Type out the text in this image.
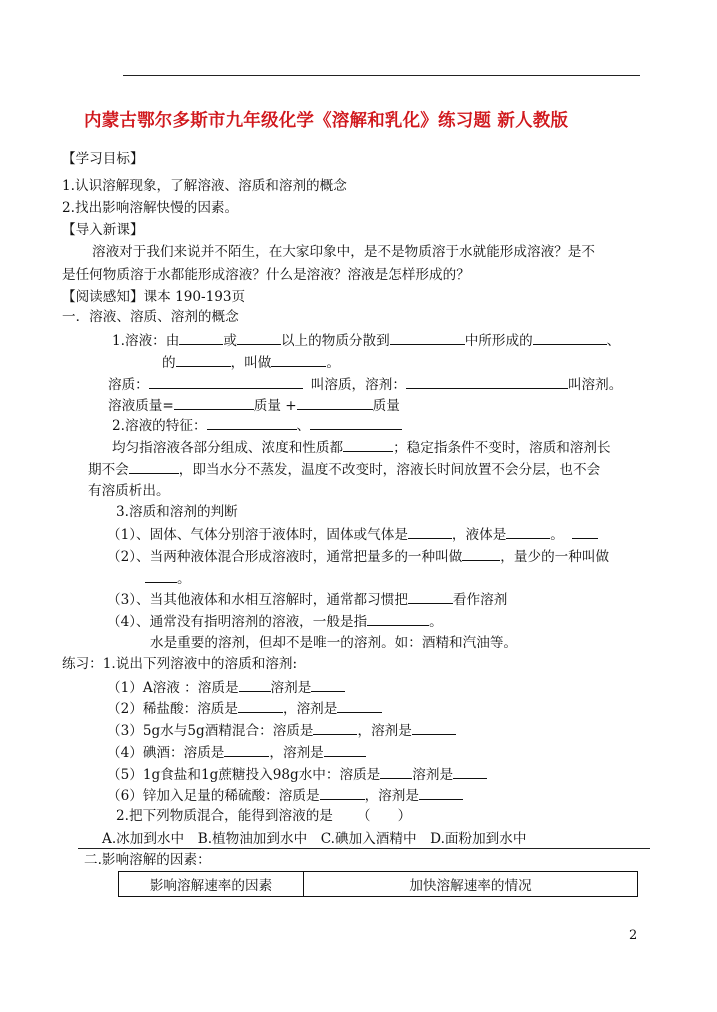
内蒙古鄂尔多斯市九年级化学《溶解和乳化》练习题 新人教版
【学习目标】
1.认识溶解现象，了解溶液、溶质和溶剂的概念
2.找出影响溶解快慢的因素。
【导入新课】
溶液对于我们来说并不陌生，在大家印象中，是不是物质溶于水就能形成溶液？是不
是任何物质溶于水都能形成溶液？什么是溶液？溶液是怎样形成的？
【阅读感知】课本 190-193页
一．溶液、溶质、溶剂的概念
1.溶液：由	或	以上的物质分散到	中所形成的	、
的	，叫做	。
溶质：	叫溶质，溶剂：	叫溶剂。
溶液质量=	质量 +	质量
2.溶液的特征：	、
均匀指溶液各部分组成、浓度和性质都	；稳定指条件不变时，溶质和溶剂长
期不会	，即当水分不蒸发，温度不改变时，溶液长时间放置不会分层，也不会
有溶质析出。
3.溶质和溶剂的判断
（1）、固体、气体分别溶于液体时，固体或气体是	，液体是	。
（2）、当两种液体混合形成溶液时，通常把量多的一种叫做	，量少的一种叫做
。
（3）、当其他液体和水相互溶解时，通常都习惯把	看作溶剂
（4）、通常没有指明溶剂的溶液，一般是指	。
水是重要的溶剂，但却不是唯一的溶剂。如：酒精和汽油等。
练习：1.说出下列溶液中的溶质和溶剂:
（1）A溶液 ：溶质是 溶剂是
（2）稀盐酸：溶质是	，溶剂是
（3）5g水与5g酒精混合：溶质是	，溶剂是
（4）碘酒：溶质是	，溶剂是
（5）1g食盐和1g蔗糖投入98g水中：溶质是 溶剂是
（6）锌加入足量的稀硫酸：溶质是	，溶剂是
2.把下列物质混合，能得到溶液的是 （　　）
A.冰加到水中　B.植物油加到水中　C.碘加入酒精中　D.面粉加到水中
二.影响溶解的因素：
影响溶解速率的因素	加快溶解速率的情况
2
